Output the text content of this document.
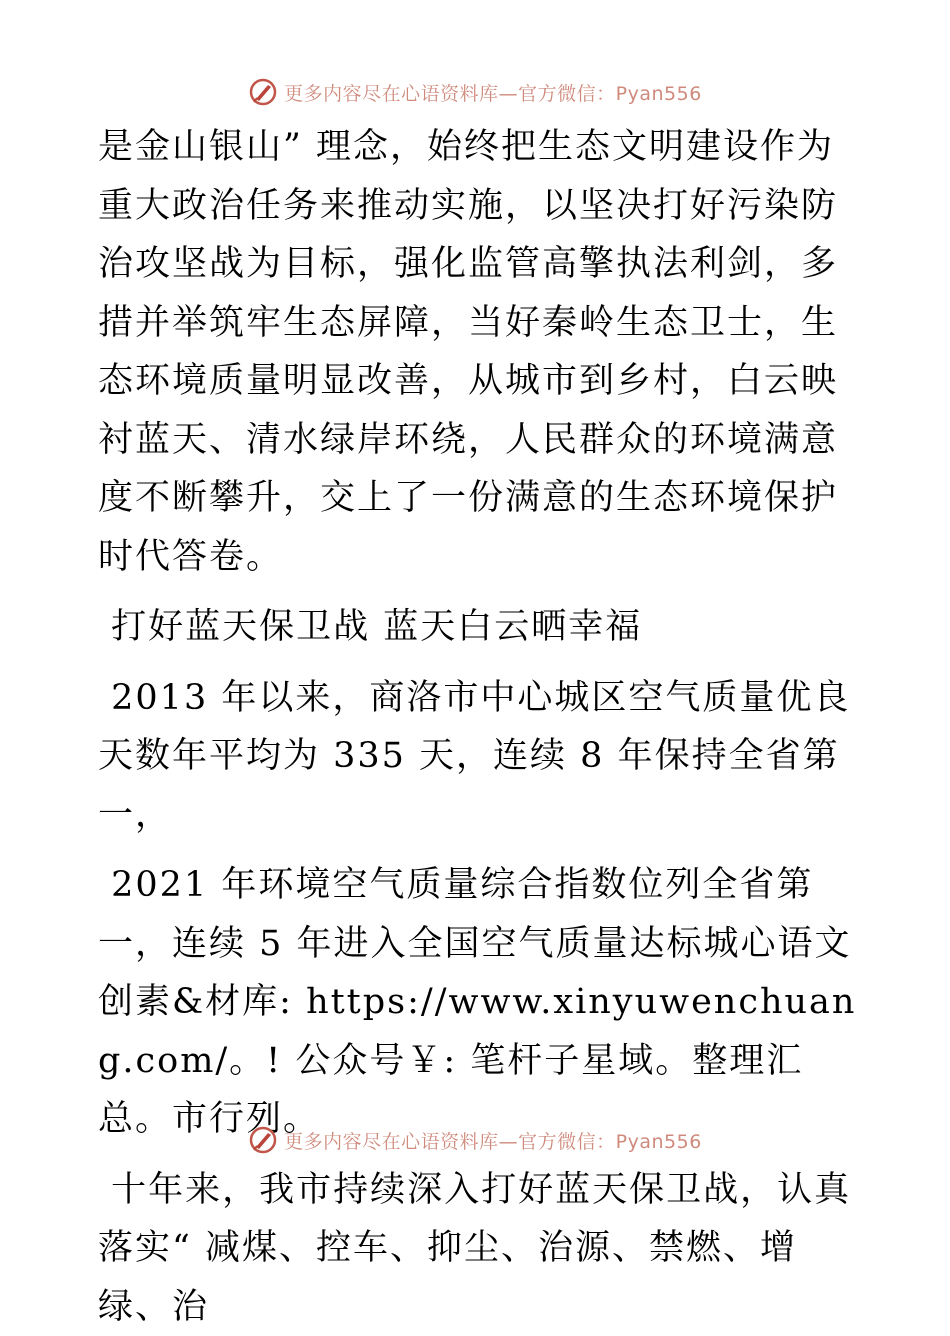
更多内容尽在心语资料库—官方微信：Pyan556

是金山银山” 理念，始终把生态文明建设作为重大政治任务来推动实施，以坚决打好污染防治攻坚战为目标，强化监管高擎执法利剑，多措并举筑牢生态屏障，当好秦岭生态卫士，生态环境质量明显改善，从城市到乡村，白云映衬蓝天、清水绿岸环绕，人民群众的环境满意度不断攀升，交上了一份满意的生态环境保护时代答卷。

打好蓝天保卫战 蓝天白云晒幸福

2013 年以来，商洛市中心城区空气质量优良天数年平均为 335 天，连续 8 年保持全省第一，

2021 年环境空气质量综合指数位列全省第一，连续 5 年进入全国空气质量达标城心语文创素&材库: https://www.xinyuwenchuang.com/。! 公众号￥: 笔杆子星域。整理汇总。市行列。

十年来，我市持续深入打好蓝天保卫战，认真落实“ 减煤、控车、抑尘、治源、禁燃、增绿、治

更多内容尽在心语资料库—官方微信：Pyan556
